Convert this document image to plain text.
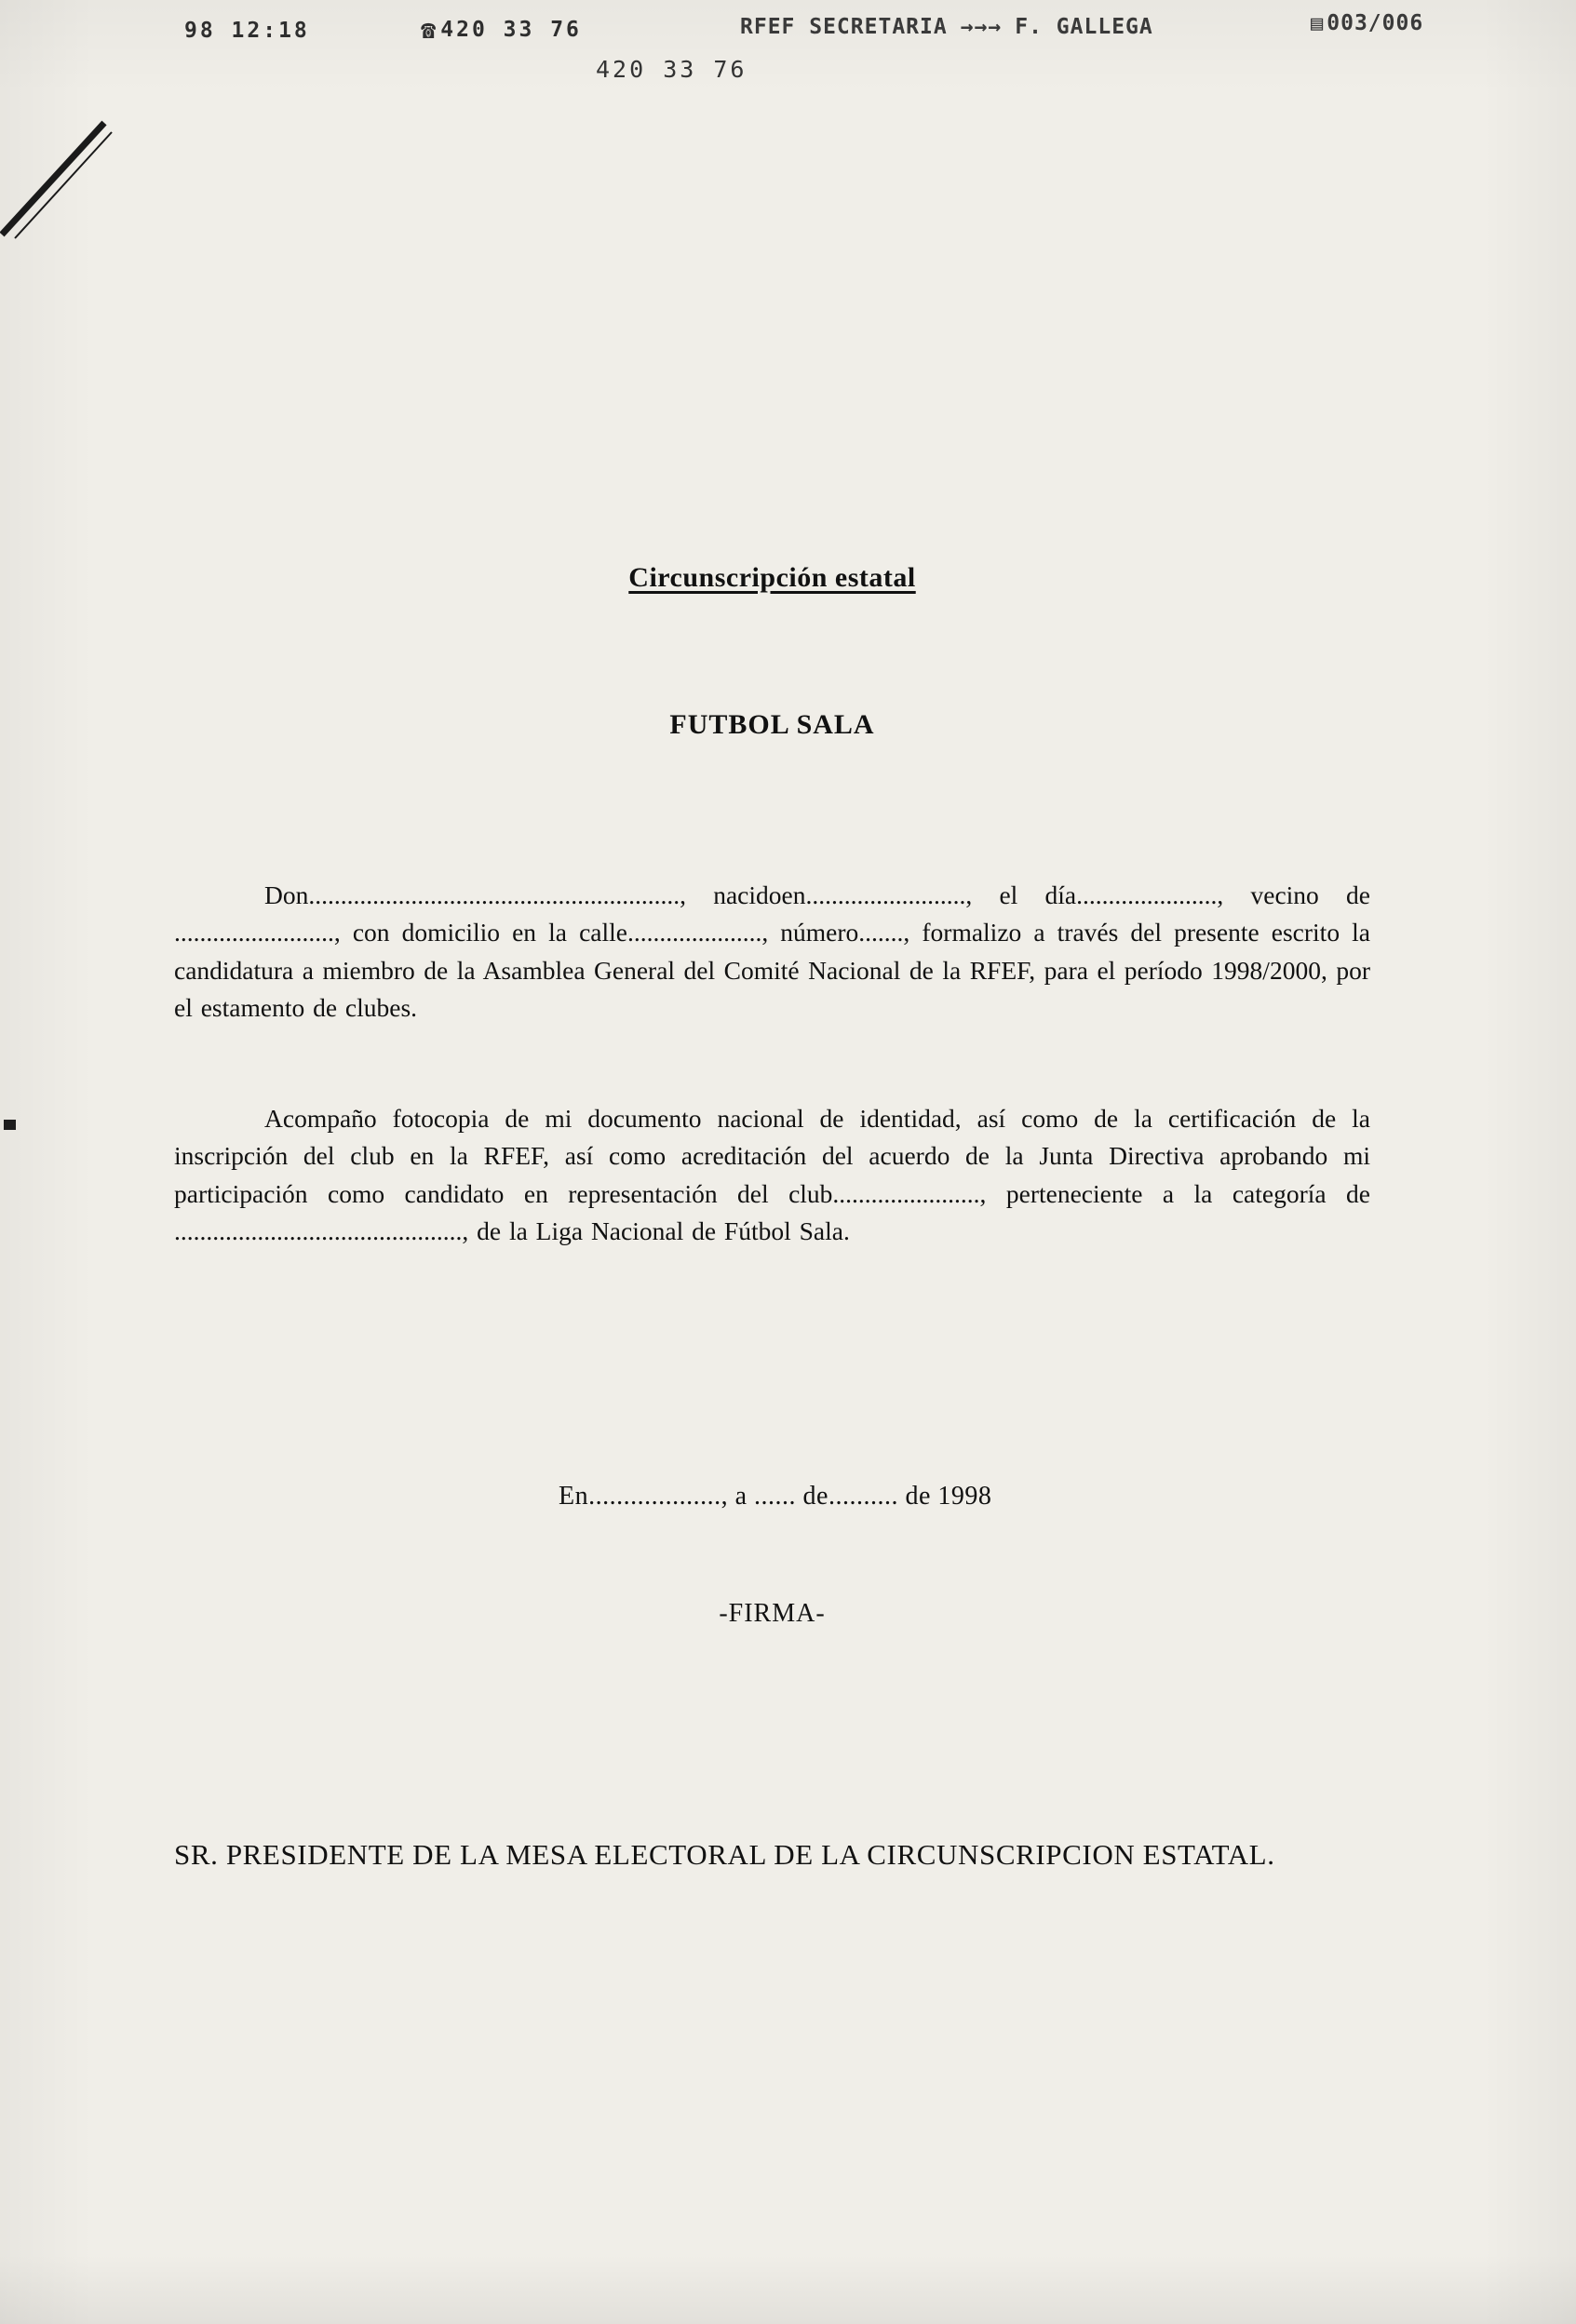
98 12:18	☎420 33 76	RFEF SECRETARIA →→→ F. GALLEGA	▤ 003/006
420 33 76
Circunscripción estatal
FUTBOL SALA

Don.........................................................., nacidoen........................., el día......................, vecino de ........................., con domicilio en la calle....................., número......., formalizo a través del presente escrito la candidatura a miembro de la Asamblea General del Comité Nacional de la RFEF, para el período 1998/2000, por el estamento de clubes.

Acompaño fotocopia de mi documento nacional de identidad, así como de la certificación de la inscripción del club en la RFEF, así como acreditación del acuerdo de la Junta Directiva aprobando mi participación como candidato en representación del club......................., perteneciente a la categoría de ............................................., de la Liga Nacional de Fútbol Sala.

En..................., a ...... de.......... de 1998
-FIRMA-
SR. PRESIDENTE DE LA MESA ELECTORAL DE LA CIRCUNSCRIPCION ESTATAL.
